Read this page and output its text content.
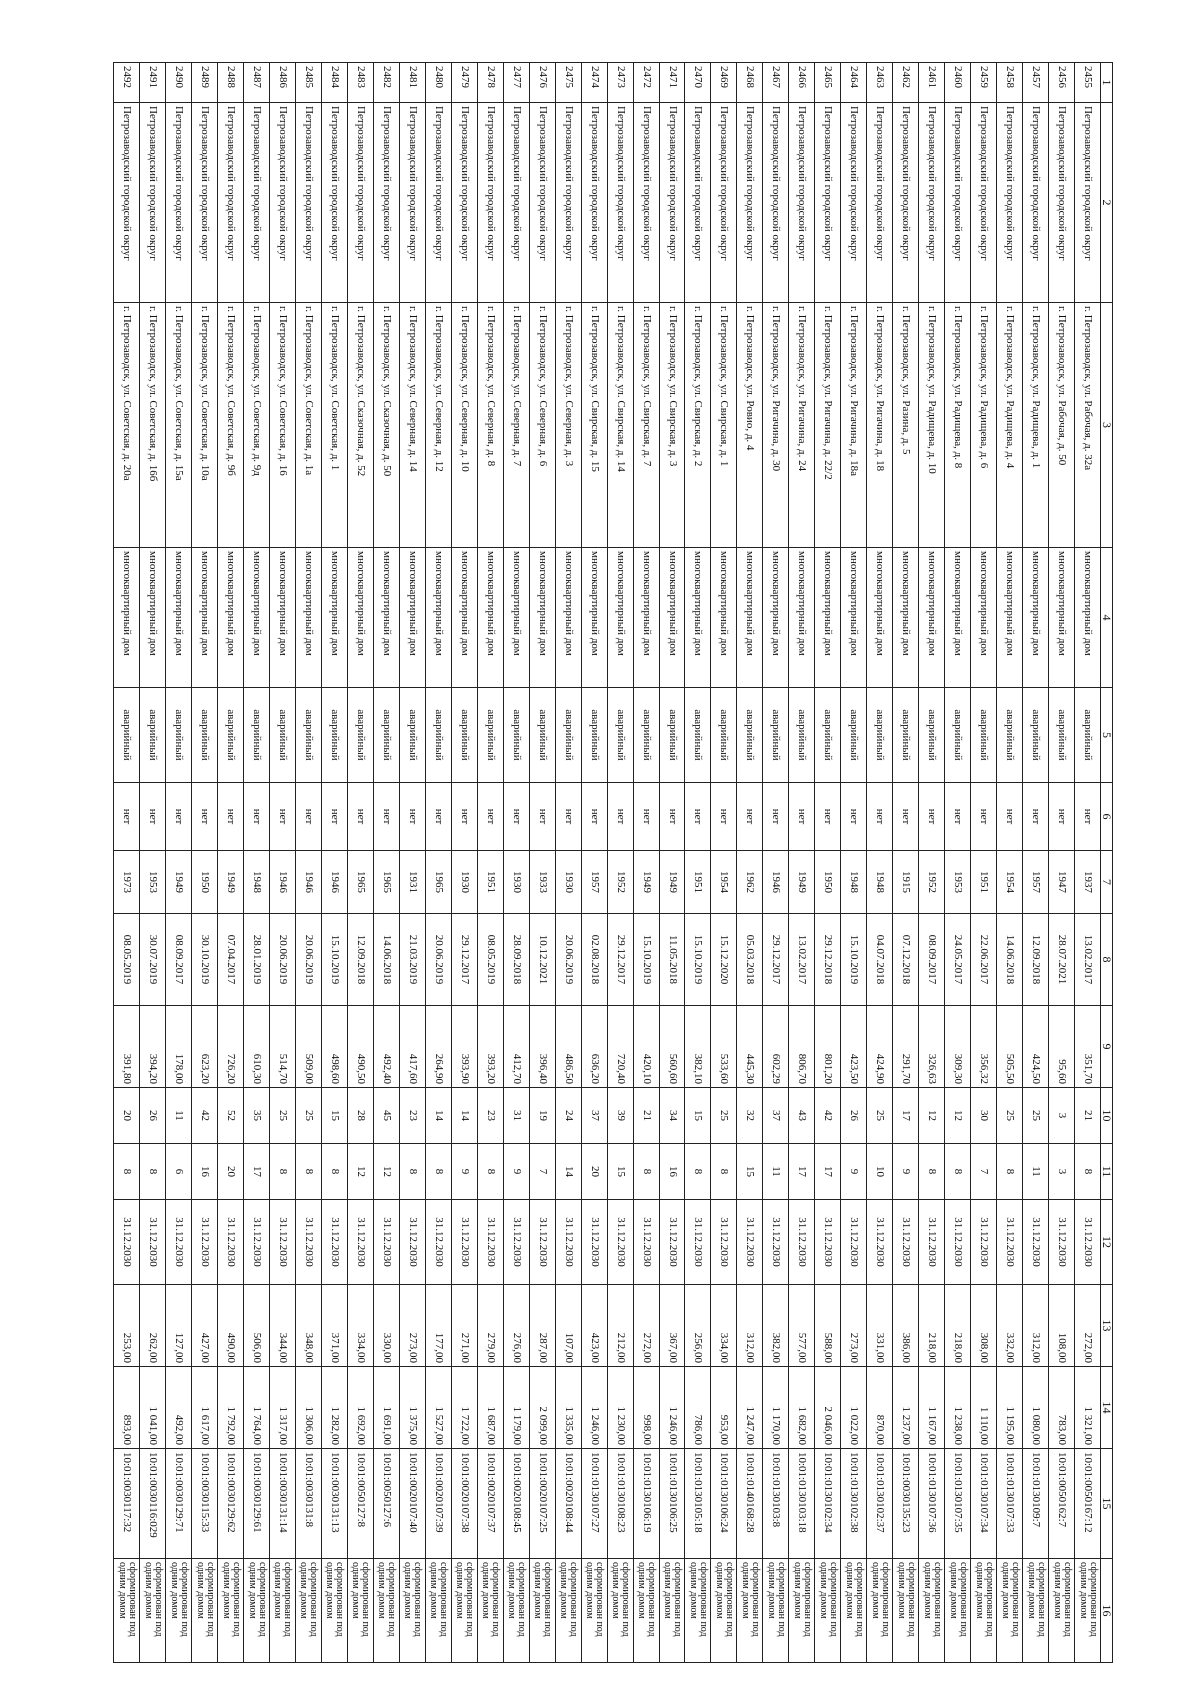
1	2	3	4	5	6	7	8	9	10	11	12	13	14	15	16
2455	Петрозаводский городской округ	г. Петрозаводск, ул. Рабочая, д. 32а	многоквартирный дом	аварийный	нет	1937	13.02.2017	351,70	21	8	31.12.2030	272,00	1 321,00	10:01:0050167:12	сформирован под одним домом
2456	Петрозаводский городской округ	г. Петрозаводск, ул. Рабочая, д. 50	многоквартирный дом	аварийный	нет	1947	28.07.2021	95,60	3	3	31.12.2030	108,00	783,00	10:01:0050162:7	сформирован под одним домом
2457	Петрозаводский городской округ	г. Петрозаводск, ул. Радищева, д. 1	многоквартирный дом	аварийный	нет	1957	12.09.2018	424,50	25	11	31.12.2030	312,00	1 080,00	10:01:0130109:7	сформирован под одним домом
2458	Петрозаводский городской округ	г. Петрозаводск, ул. Радищева, д. 4	многоквартирный дом	аварийный	нет	1954	14.06.2018	505,50	25	8	31.12.2030	332,00	1 195,00	10:01:0130107:33	сформирован под одним домом
2459	Петрозаводский городской округ	г. Петрозаводск, ул. Радищева, д. 6	многоквартирный дом	аварийный	нет	1951	22.06.2017	356,32	30	7	31.12.2030	308,00	1 110,00	10:01:0130107:34	сформирован под одним домом
2460	Петрозаводский городской округ	г. Петрозаводск, ул. Радищева, д. 8	многоквартирный дом	аварийный	нет	1953	24.05.2017	309,30	12	8	31.12.2030	218,00	1 238,00	10:01:0130107:35	сформирован под одним домом
2461	Петрозаводский городской округ	г. Петрозаводск, ул. Радищева, д. 10	многоквартирный дом	аварийный	нет	1952	08.09.2017	326,63	12	8	31.12.2030	218,00	1 167,00	10:01:0130107:36	сформирован под одним домом
2462	Петрозаводский городской округ	г. Петрозаводск, ул. Разина, д. 5	многоквартирный дом	аварийный	нет	1915	07.12.2018	291,70	17	9	31.12.2030	386,00	1 237,00	10:01:0030135:23	сформирован под одним домом
2463	Петрозаводский городской округ	г. Петрозаводск, ул. Ригачина, д. 18	многоквартирный дом	аварийный	нет	1948	04.07.2018	424,90	25	10	31.12.2030	331,00	870,00	10:01:0130102:37	сформирован под одним домом
2464	Петрозаводский городской округ	г. Петрозаводск, ул. Ригачина, д. 18а	многоквартирный дом	аварийный	нет	1948	15.10.2019	423,50	26	9	31.12.2030	273,00	1 022,00	10:01:0130102:38	сформирован под одним домом
2465	Петрозаводский городской округ	г. Петрозаводск, ул. Ригачина, д. 22/2	многоквартирный дом	аварийный	нет	1950	29.12.2018	801,20	42	17	31.12.2030	588,00	2 046,00	10:01:0130102:34	сформирован под одним домом
2466	Петрозаводский городской округ	г. Петрозаводск, ул. Ригачина, д. 24	многоквартирный дом	аварийный	нет	1949	13.02.2017	806,70	43	17	31.12.2030	577,00	1 682,00	10:01:0130103:18	сформирован под одним домом
2467	Петрозаводский городской округ	г. Петрозаводск, ул. Ригачина, д. 30	многоквартирный дом	аварийный	нет	1946	29.12.2017	602,29	37	11	31.12.2030	382,00	1 170,00	10:01:0130103:8	сформирован под одним домом
2468	Петрозаводский городской округ	г. Петрозаводск, ул. Ровио, д. 4	многоквартирный дом	аварийный	нет	1962	05.03.2018	445,30	32	15	31.12.2030	312,00	1 247,00	10:01:0140168:28	сформирован под одним домом
2469	Петрозаводский городской округ	г. Петрозаводск, ул. Свирская, д. 1	многоквартирный дом	аварийный	нет	1954	15.12.2020	533,60	25	8	31.12.2030	334,00	953,00	10:01:0130106:24	сформирован под одним домом
2470	Петрозаводский городской округ	г. Петрозаводск, ул. Свирская, д. 2	многоквартирный дом	аварийный	нет	1951	15.10.2019	382,10	15	8	31.12.2030	256,00	786,00	10:01:0130105:18	сформирован под одним домом
2471	Петрозаводский городской округ	г. Петрозаводск, ул. Свирская, д. 3	многоквартирный дом	аварийный	нет	1949	11.05.2018	560,60	34	16	31.12.2030	367,00	1 246,00	10:01:0130106:25	сформирован под одним домом
2472	Петрозаводский городской округ	г. Петрозаводск, ул. Свирская, д. 7	многоквартирный дом	аварийный	нет	1949	15.10.2019	420,10	21	8	31.12.2030	272,00	998,00	10:01:0130106:19	сформирован под одним домом
2473	Петрозаводский городской округ	г. Петрозаводск, ул. Свирская, д. 14	многоквартирный дом	аварийный	нет	1952	29.12.2017	720,40	39	15	31.12.2030	212,00	1 230,00	10:01:0130108:23	сформирован под одним домом
2474	Петрозаводский городской округ	г. Петрозаводск, ул. Свирская, д. 15	многоквартирный дом	аварийный	нет	1957	02.08.2018	636,20	37	20	31.12.2030	423,00	1 246,00	10:01:0130107:27	сформирован под одним домом
2475	Петрозаводский городской округ	г. Петрозаводск, ул. Северная, д. 3	многоквартирный дом	аварийный	нет	1930	20.06.2019	486,50	24	14	31.12.2030	107,00	1 335,00	10:01:0020108:44	сформирован под одним домом
2476	Петрозаводский городской округ	г. Петрозаводск, ул. Северная, д. 6	многоквартирный дом	аварийный	нет	1933	10.12.2021	396,40	19	7	31.12.2030	287,00	2 099,00	10:01:0020107:25	сформирован под одним домом
2477	Петрозаводский городской округ	г. Петрозаводск, ул. Северная, д. 7	многоквартирный дом	аварийный	нет	1930	28.09.2018	412,70	31	9	31.12.2030	276,00	1 179,00	10:01:0020108:45	сформирован под одним домом
2478	Петрозаводский городской округ	г. Петрозаводск, ул. Северная, д. 8	многоквартирный дом	аварийный	нет	1951	08.05.2019	393,20	23	8	31.12.2030	279,00	1 687,00	10:01:0020107:37	сформирован под одним домом
2479	Петрозаводский городской округ	г. Петрозаводск, ул. Северная, д. 10	многоквартирный дом	аварийный	нет	1930	29.12.2017	393,90	14	9	31.12.2030	271,00	1 722,00	10:01:0020107:38	сформирован под одним домом
2480	Петрозаводский городской округ	г. Петрозаводск, ул. Северная, д. 12	многоквартирный дом	аварийный	нет	1965	20.06.2019	264,90	14	8	31.12.2030	177,00	1 527,00	10:01:0020107:39	сформирован под одним домом
2481	Петрозаводский городской округ	г. Петрозаводск, ул. Северная, д. 14	многоквартирный дом	аварийный	нет	1931	21.03.2019	417,60	23	8	31.12.2030	273,00	1 375,00	10:01:0020107:40	сформирован под одним домом
2482	Петрозаводский городской округ	г. Петрозаводск, ул. Сказочная, д. 50	многоквартирный дом	аварийный	нет	1965	14.06.2018	492,40	45	12	31.12.2030	330,00	1 691,00	10:01:0050127:6	сформирован под одним домом
2483	Петрозаводский городской округ	г. Петрозаводск, ул. Сказочная, д. 52	многоквартирный дом	аварийный	нет	1965	12.09.2018	490,50	28	12	31.12.2030	334,00	1 692,00	10:01:0050127:8	сформирован под одним домом
2484	Петрозаводский городской округ	г. Петрозаводск, ул. Советская, д. 1	многоквартирный дом	аварийный	нет	1946	15.10.2019	498,60	15	8	31.12.2030	371,00	1 282,00	10:01:0030131:13	сформирован под одним домом
2485	Петрозаводский городской округ	г. Петрозаводск, ул. Советская, д. 1а	многоквартирный дом	аварийный	нет	1946	20.06.2019	509,00	25	8	31.12.2030	348,00	1 306,00	10:01:0030131:8	сформирован под одним домом
2486	Петрозаводский городской округ	г. Петрозаводск, ул. Советская, д. 16	многоквартирный дом	аварийный	нет	1946	20.06.2019	514,70	25	8	31.12.2030	344,00	1 317,00	10:01:0030131:14	сформирован под одним домом
2487	Петрозаводский городской округ	г. Петрозаводск, ул. Советская, д. 9д	многоквартирный дом	аварийный	нет	1948	28.01.2019	610,30	35	17	31.12.2030	506,00	1 764,00	10:01:0030129:61	сформирован под одним домом
2488	Петрозаводский городской округ	г. Петрозаводск, ул. Советская, д. 9б	многоквартирный дом	аварийный	нет	1949	07.04.2017	726,20	52	20	31.12.2030	490,00	1 792,00	10:01:0030129:62	сформирован под одним домом
2489	Петрозаводский городской округ	г. Петрозаводск, ул. Советская, д. 10а	многоквартирный дом	аварийный	нет	1950	30.10.2019	623,20	42	16	31.12.2030	427,00	1 617,00	10:01:0030115:33	сформирован под одним домом
2490	Петрозаводский городской округ	г. Петрозаводск, ул. Советская, д. 15а	многоквартирный дом	аварийный	нет	1949	08.09.2017	178,00	11	6	31.12.2030	127,00	492,00	10:01:0030129:71	сформирован под одним домом
2491	Петрозаводский городской округ	г. Петрозаводск, ул. Советская, д. 16б	многоквартирный дом	аварийный	нет	1953	30.07.2019	394,20	26	8	31.12.2030	262,00	1 041,00	10:01:0030116:029	сформирован под одним домом
2492	Петрозаводский городской округ	г. Петрозаводск, ул. Советская, д. 20а	многоквартирный дом	аварийный	нет	1973	08.05.2019	391,80	20	8	31.12.2030	253,00	893,00	10:01:0030117:32	сформирован под одним домом
